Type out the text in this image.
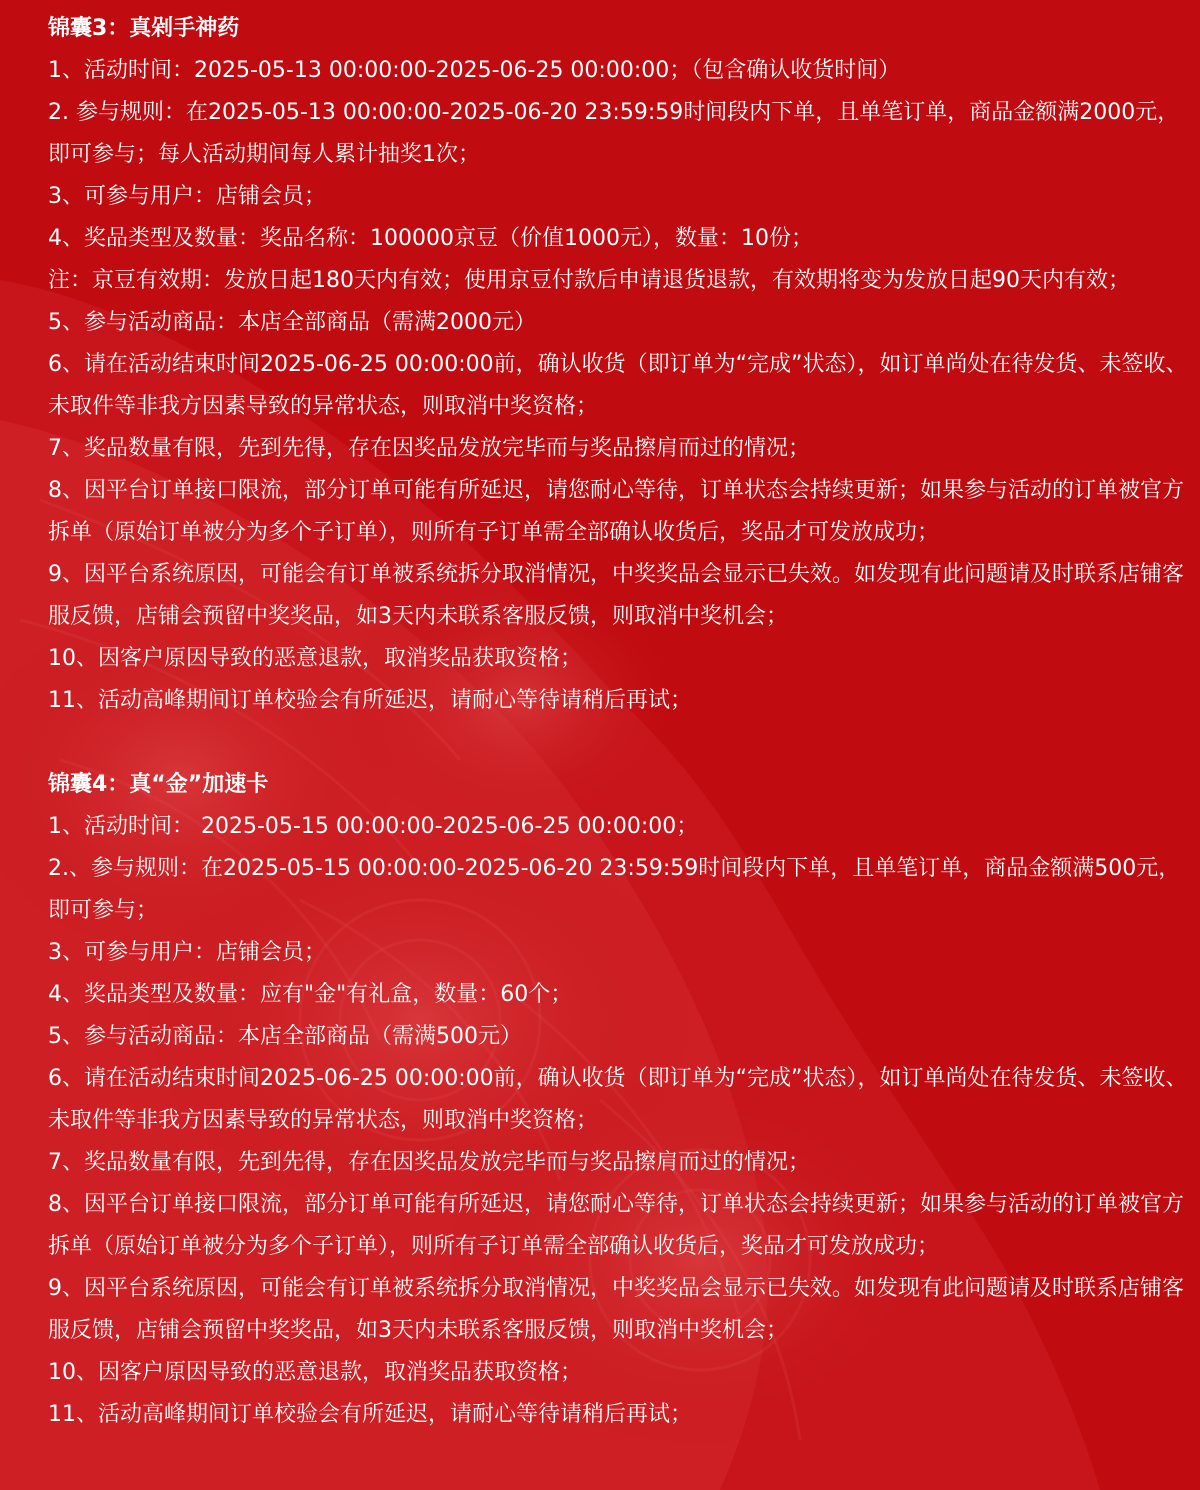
锦囊3：真剁手神药
1、活动时间：2025-05-13 00:00:00-2025-06-25 00:00:00；（包含确认收货时间）
2. 参与规则：在2025-05-13 00:00:00-2025-06-20 23:59:59时间段内下单，且单笔订单，商品金额满2000元，即可参与；每人活动期间每人累计抽奖1次；
3、可参与用户：店铺会员；
4、奖品类型及数量：奖品名称：100000京豆（价值1000元），数量：10份；
注：京豆有效期：发放日起180天内有效；使用京豆付款后申请退货退款，有效期将变为发放日起90天内有效；
5、参与活动商品：本店全部商品（需满2000元）
6、请在活动结束时间2025-06-25 00:00:00前，确认收货（即订单为“完成”状态），如订单尚处在待发货、未签收、未取件等非我方因素导致的异常状态，则取消中奖资格；
7、奖品数量有限，先到先得，存在因奖品发放完毕而与奖品擦肩而过的情况；
8、因平台订单接口限流，部分订单可能有所延迟，请您耐心等待，订单状态会持续更新；如果参与活动的订单被官方拆单（原始订单被分为多个子订单），则所有子订单需全部确认收货后，奖品才可发放成功；
9、因平台系统原因，可能会有订单被系统拆分取消情况，中奖奖品会显示已失效。如发现有此问题请及时联系店铺客服反馈，店铺会预留中奖奖品，如3天内未联系客服反馈，则取消中奖机会；
10、因客户原因导致的恶意退款，取消奖品获取资格；
11、活动高峰期间订单校验会有所延迟，请耐心等待请稍后再试；
锦囊4：真“金”加速卡
1、活动时间： 2025-05-15 00:00:00-2025-06-25 00:00:00；
2.、参与规则：在2025-05-15 00:00:00-2025-06-20 23:59:59时间段内下单，且单笔订单，商品金额满500元，即可参与；
3、可参与用户：店铺会员；
4、奖品类型及数量：应有"金"有礼盒，数量：60个；
5、参与活动商品：本店全部商品（需满500元）
6、请在活动结束时间2025-06-25 00:00:00前，确认收货（即订单为“完成”状态），如订单尚处在待发货、未签收、未取件等非我方因素导致的异常状态，则取消中奖资格；
7、奖品数量有限，先到先得，存在因奖品发放完毕而与奖品擦肩而过的情况；
8、因平台订单接口限流，部分订单可能有所延迟，请您耐心等待，订单状态会持续更新；如果参与活动的订单被官方拆单（原始订单被分为多个子订单），则所有子订单需全部确认收货后，奖品才可发放成功；
9、因平台系统原因，可能会有订单被系统拆分取消情况，中奖奖品会显示已失效。如发现有此问题请及时联系店铺客服反馈，店铺会预留中奖奖品，如3天内未联系客服反馈，则取消中奖机会；
10、因客户原因导致的恶意退款，取消奖品获取资格；
11、活动高峰期间订单校验会有所延迟，请耐心等待请稍后再试；
